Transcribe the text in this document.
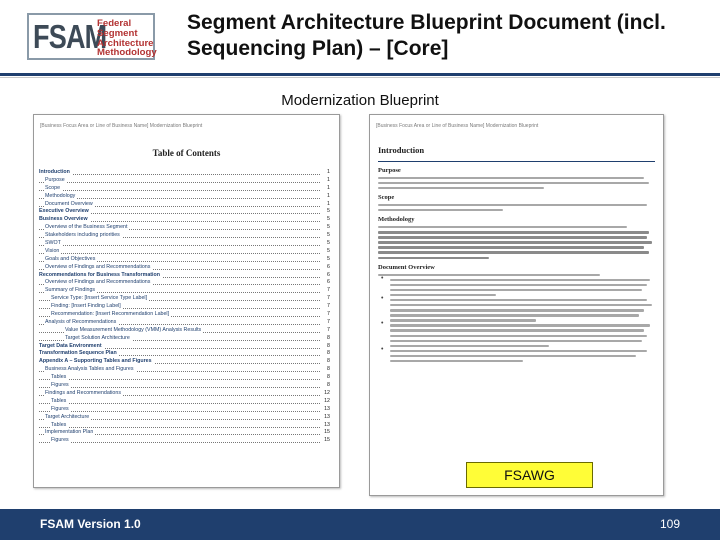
FSAM
Federal
Segment
Architecture
Methodology
Segment Architecture Blueprint Document (incl. Sequencing Plan) – [Core]
Modernization Blueprint
[Business Focus Area or Line of Business Name] Modernization Blueprint
Table of Contents
Introduction	1
Purpose	1
Scope	1
Methodology	1
Document Overview	1
Executive Overview	5
Business Overview	5
Overview of the Business Segment	5
Stakeholders including priorities	5
SWOT	5
Vision	5
Goals and Objectives	5
Overview of Findings and Recommendations	6
Recommendations for Business Transformation	6
Overview of Findings and Recommendations	6
Summary of Findings	7
Service Type: [Insert Service Type Label]	7
Finding: [Insert Finding Label]	7
Recommendation: [Insert Recommendation Label]	7
Analysis of Recommendations	7
Value Measurement Methodology (VMM) Analysis Results	7
Target Solution Architecture	8
Target Data Environment	8
Transformation Sequence Plan	8
Appendix A – Supporting Tables and Figures	8
Business Analysis Tables and Figures	8
Tables	8
Figures	8
Findings and Recommendations	12
Tables	12
Figures	13
Target Architecture	13
Tables	13
Implementation Plan	15
Figures	15
[Business Focus Area or Line of Business Name] Modernization Blueprint
Introduction
Purpose
Scope
Methodology
Document Overview
•
•
•
•
FSAWG
FSAM Version 1.0	109
